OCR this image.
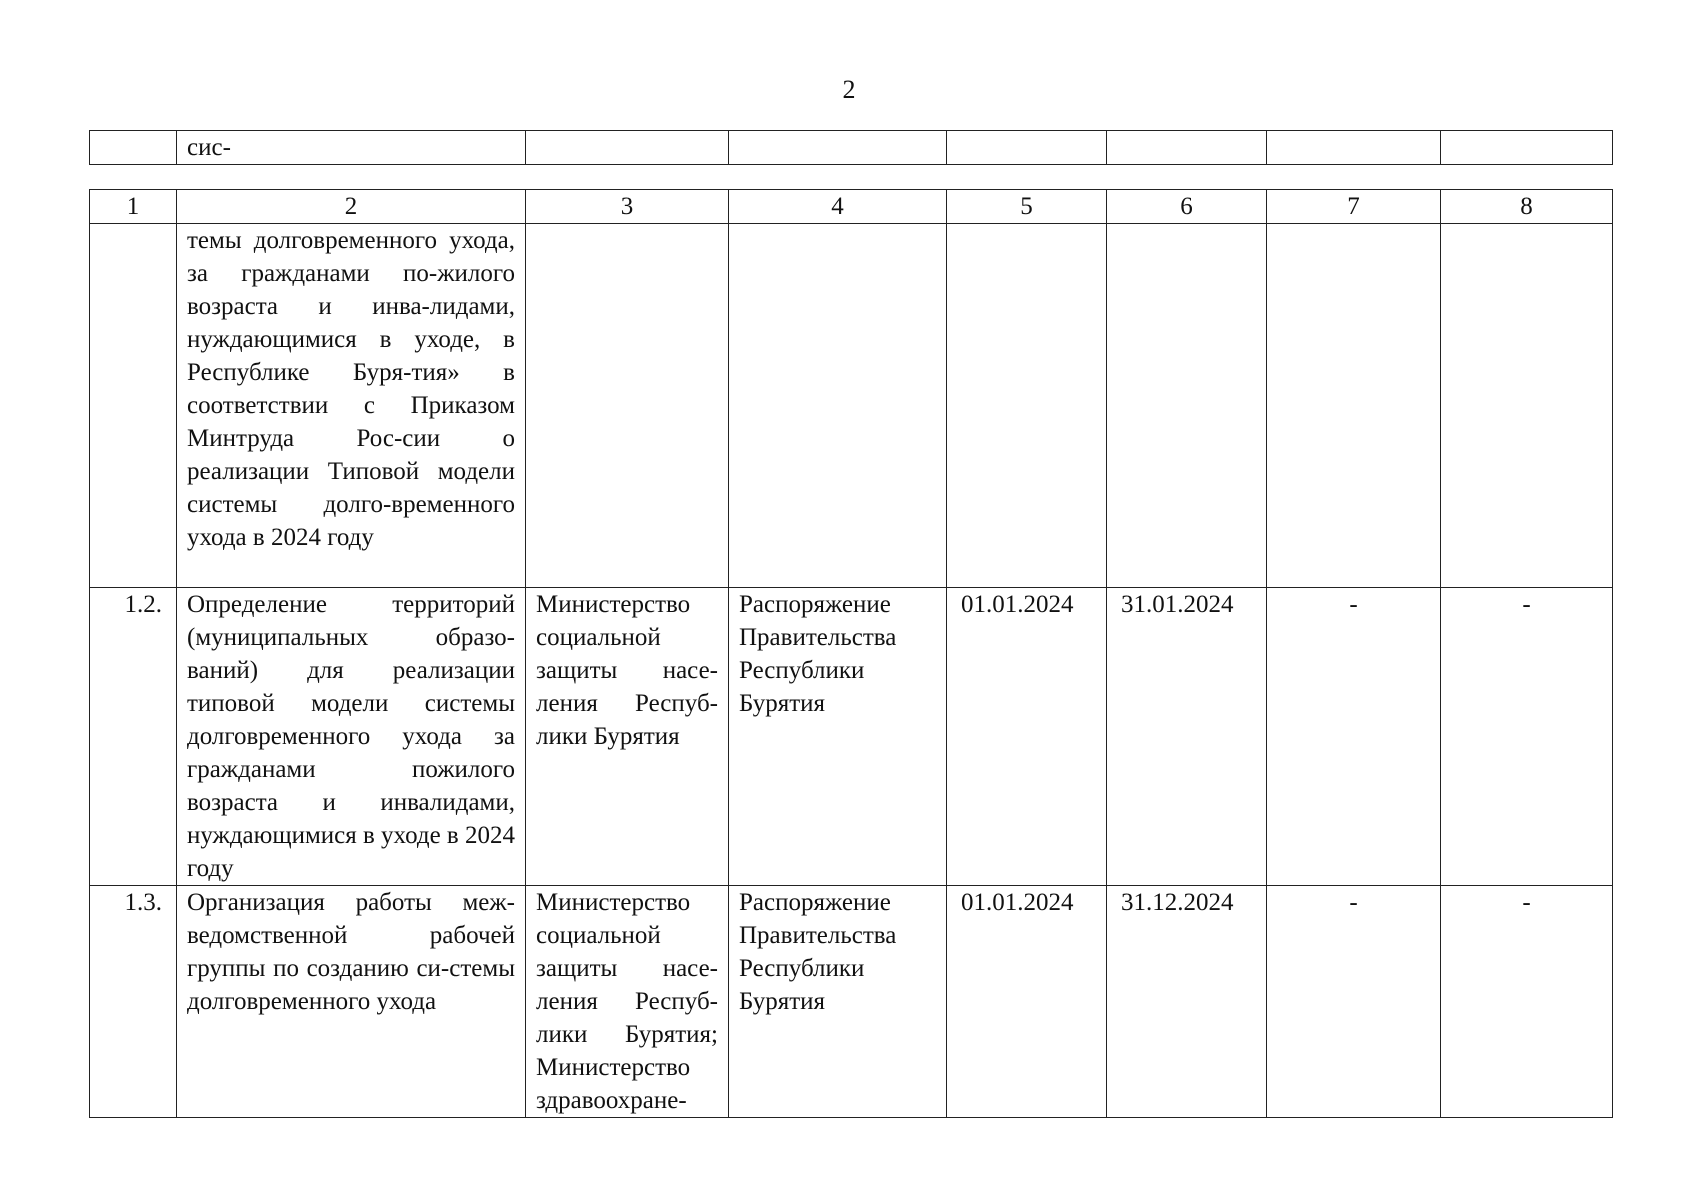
2
	сис-						
1	2	3	4	5	6	7	8
	темы долговременного ухода, за гражданами по-жилого возраста и инва-лидами, нуждающимися в уходе, в Республике Буря-тия» в соответствии с Приказом Минтруда Рос-сии о реализации Типовой модели системы долго-временного ухода в 2024 году						
1.2.	Определение территорий (муниципальных образо-ваний) для реализации типовой модели системы долговременного ухода за гражданами пожилого возраста и инвалидами, нуждающимися в уходе в 2024 году	Министерство социальной защиты насе-ления Респуб-лики Бурятия	Распоряжение Правительства Республики Бурятия	01.01.2024	31.01.2024	-	-
1.3.	Организация работы меж-ведомственной рабочей группы по созданию си-стемы долговременного ухода	Министерство социальной защиты насе-ления Респуб-лики Бурятия; Министерство здравоохране-	Распоряжение Правительства Республики Бурятия	01.01.2024	31.12.2024	-	-
